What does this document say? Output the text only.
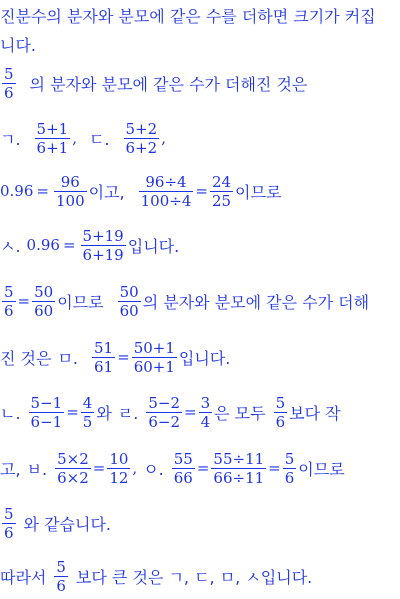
진분수의 분자와 분모에 같은 수를 더하면 크기가 커집
니다.
$\frac{5}{6}$ 의 분자와 분모에 같은 수가 더해진 것은
ㄱ. $\frac{5+1}{6+1}$ , ㄷ. $\frac{5+2}{6+2}$ ,
$0.96 = \frac{96}{100}$ 이고, $\frac{96\div 4}{100\div 4} = \frac{24}{25}$ 이므로
ㅅ. $0.96 = \frac{5+19}{6+19}$ 입니다.
$\frac{5}{6} = \frac{50}{60}$ 이므로 $\frac{50}{60}$ 의 분자와 분모에 같은 수가 더해
진 것은 ㅁ. $\frac{51}{61} = \frac{50+1}{60+1}$ 입니다.
ㄴ. $\frac{5-1}{6-1} = \frac{4}{5}$ 와 ㄹ. $\frac{5-2}{6-2} = \frac{3}{4}$ 은 모두 $\frac{5}{6}$ 보다 작
고, ㅂ. $\frac{5\times 2}{6\times 2} = \frac{10}{12}$ , ㅇ. $\frac{55}{66} = \frac{55\div 11}{66\div 11} = \frac{5}{6}$ 이므로
$\frac{5}{6}$ 와 같습니다.
따라서 $\frac{5}{6}$ 보다 큰 것은 ㄱ, ㄷ, ㅁ, ㅅ입니다.
